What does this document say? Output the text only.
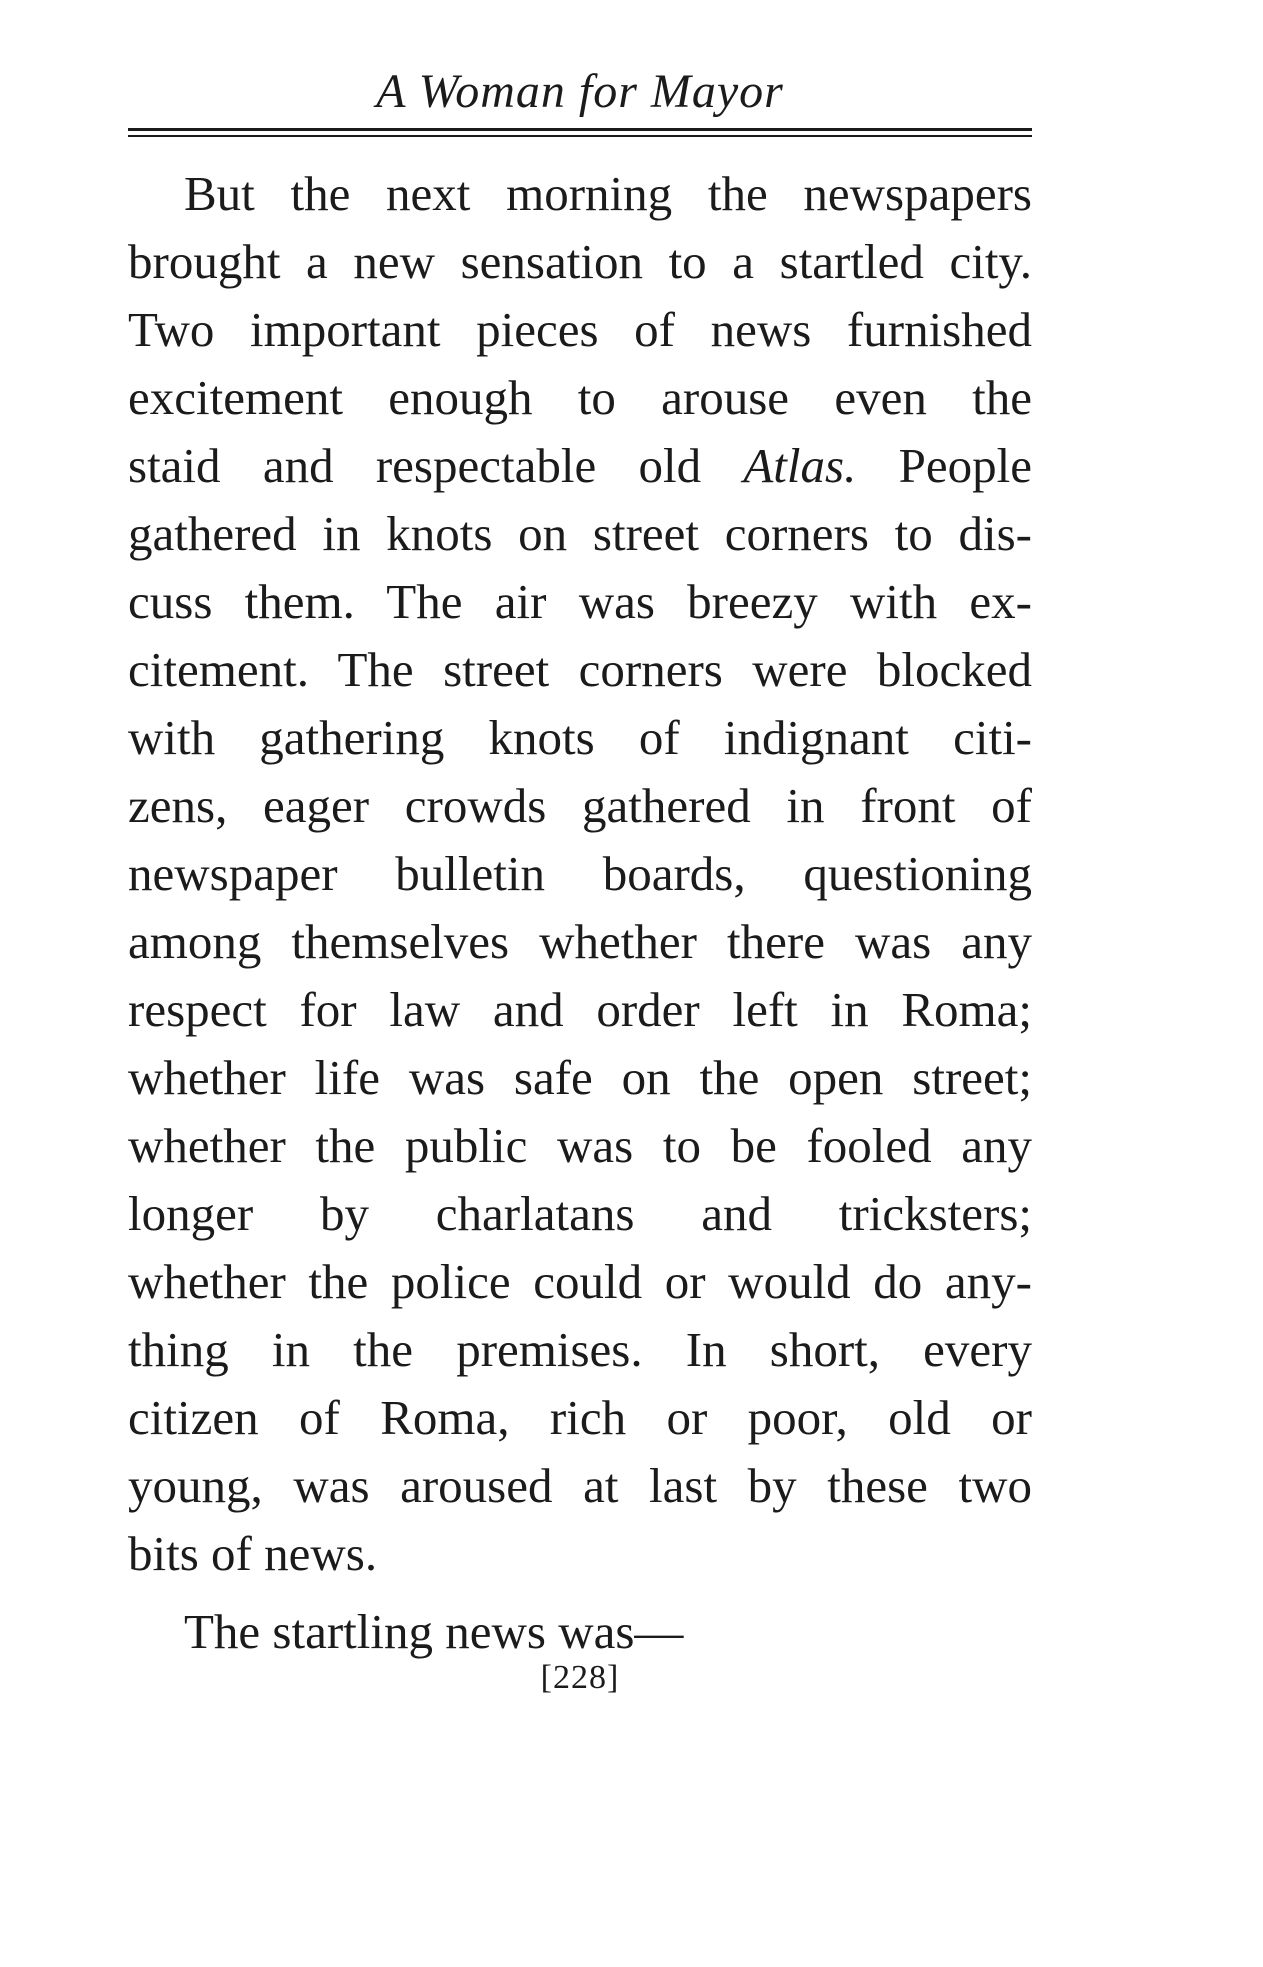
A Woman for Mayor
But the next morning the newspapers
brought a new sensation to a startled city.
Two important pieces of news furnished
excitement enough to arouse even the
staid and respectable old Atlas. People
gathered in knots on street corners to dis-
cuss them. The air was breezy with ex-
citement. The street corners were blocked
with gathering knots of indignant citi-
zens, eager crowds gathered in front of
newspaper bulletin boards, questioning
among themselves whether there was any
respect for law and order left in Roma;
whether life was safe on the open street;
whether the public was to be fooled any
longer by charlatans and tricksters;
whether the police could or would do any-
thing in the premises. In short, every
citizen of Roma, rich or poor, old or
young, was aroused at last by these two
bits of news.
The startling news was—
[228]
